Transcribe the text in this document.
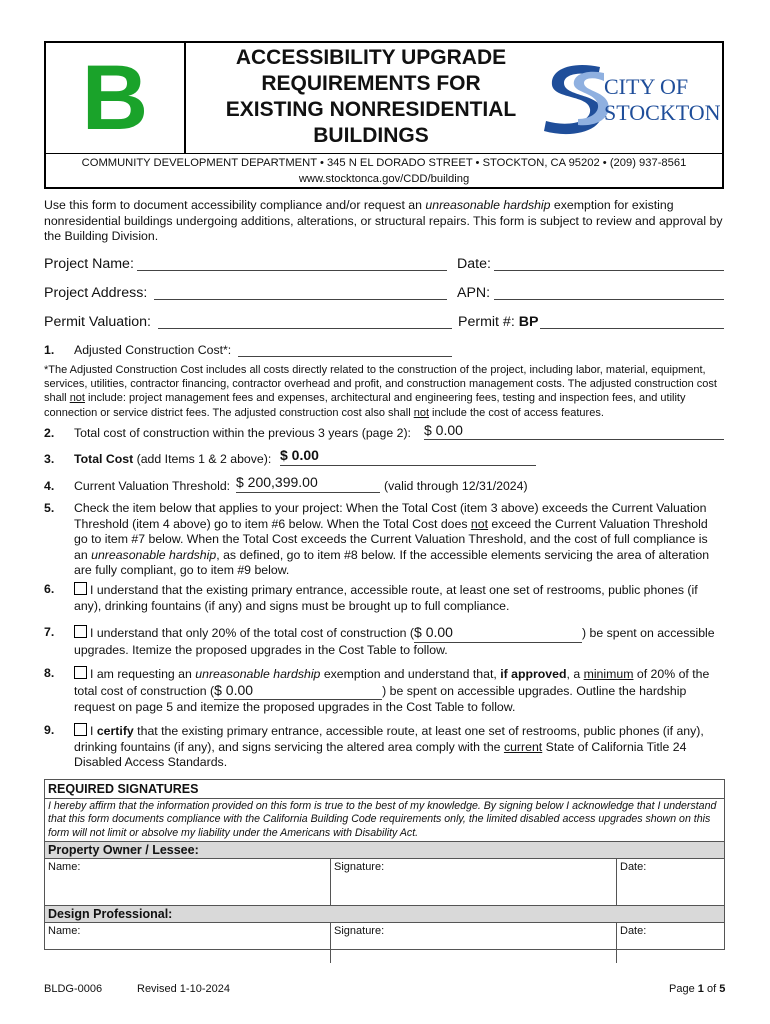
B	ACCESSIBILITY UPGRADE
REQUIREMENTS FOR
EXISTING NONRESIDENTIAL
BUILDINGS
CITY OF
STOCKTON
COMMUNITY DEVELOPMENT DEPARTMENT • 345 N EL DORADO STREET • STOCKTON, CA 95202 • (209) 937-8561
www.stocktonca.gov/CDD/building
Use this form to document accessibility compliance and/or request an unreasonable hardship exemption for existing nonresidential buildings undergoing additions, alterations, or structural repairs. This form is subject to review and approval by the Building Division.
Project Name:	Date:
Project Address:	APN:
Permit Valuation:	Permit #: BP
1. Adjusted Construction Cost*:
*The Adjusted Construction Cost includes all costs directly related to the construction of the project, including labor, material, equipment, services, utilities, contractor financing, contractor overhead and profit, and construction management costs. The adjusted construction cost shall not include: project management fees and expenses, architectural and engineering fees, testing and inspection fees, and utility connection or service district fees. The adjusted construction cost also shall not include the cost of access features.
2. Total cost of construction within the previous 3 years (page 2): $ 0.00
3. Total Cost (add Items 1 & 2 above): $ 0.00
4. Current Valuation Threshold: $ 200,399.00	(valid through 12/31/2024)
5. Check the item below that applies to your project: When the Total Cost (item 3 above) exceeds the Current Valuation Threshold (item 4 above) go to item #6 below. When the Total Cost does not exceed the Current Valuation Threshold go to item #7 below. When the Total Cost exceeds the Current Valuation Threshold, and the cost of full compliance is an unreasonable hardship, as defined, go to item #8 below. If the accessible elements servicing the area of alteration are fully compliant, go to item #9 below.
6.	I understand that the existing primary entrance, accessible route, at least one set of restrooms, public phones (if any), drinking fountains (if any) and signs must be brought up to full compliance.
7.	I understand that only 20% of the total cost of construction ($ 0.00	) be spent on accessible upgrades. Itemize the proposed upgrades in the Cost Table to follow.
8.	I am requesting an unreasonable hardship exemption and understand that, if approved, a minimum of 20% of the total cost of construction ($ 0.00	) be spent on accessible upgrades. Outline the hardship request on page 5 and itemize the proposed upgrades in the Cost Table to follow.
9.	I certify that the existing primary entrance, accessible route, at least one set of restrooms, public phones (if any), drinking fountains (if any), and signs servicing the altered area comply with the current State of California Title 24 Disabled Access Standards.
REQUIRED SIGNATURES
I hereby affirm that the information provided on this form is true to the best of my knowledge. By signing below I acknowledge that I understand that this form documents compliance with the California Building Code requirements only, the limited disabled access upgrades shown on this form will not limit or absolve my liability under the Americans with Disability Act.
Property Owner / Lessee:
Name:	Signature:	Date:
Design Professional:
Name:	Signature:	Date:
BLDG-0006	Revised 1-10-2024	Page 1 of 5
